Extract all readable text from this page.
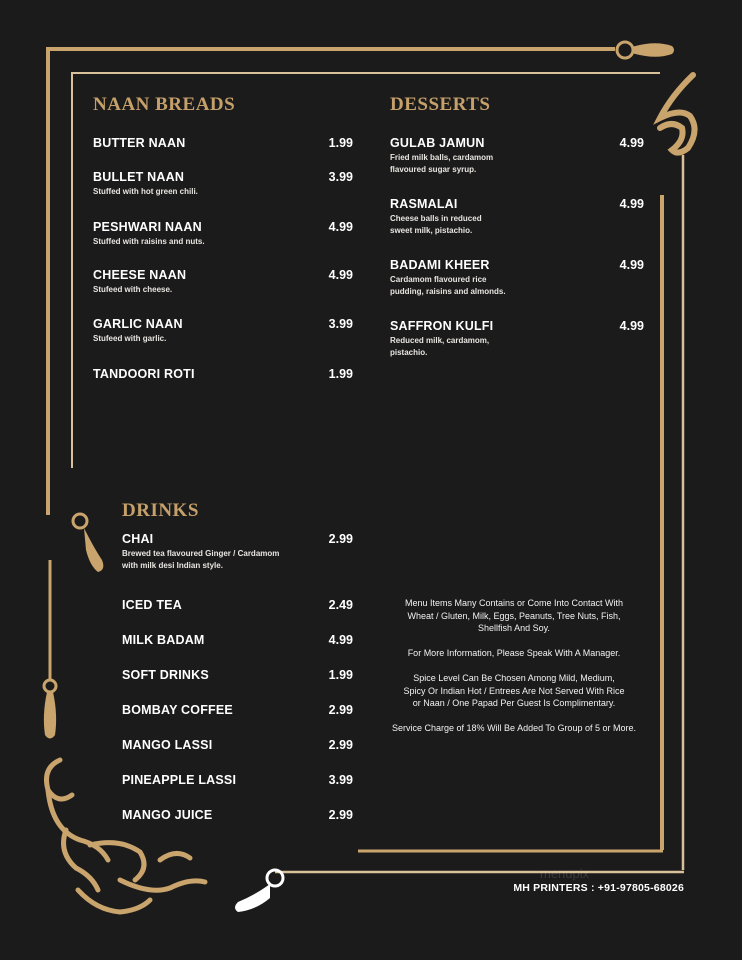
NAAN BREADS
BUTTER NAAN	1.99
BULLET NAAN	3.99
Stuffed with hot green chili.
PESHWARI NAAN	4.99
Stuffed with raisins and nuts.
CHEESE NAAN	4.99
Stufeed with cheese.
GARLIC NAAN	3.99
Stufeed with garlic.
TANDOORI ROTI	1.99
DESSERTS
GULAB JAMUN	4.99
Fried milk balls, cardamom
flavoured sugar syrup.
RASMALAI	4.99
Cheese balls in reduced
sweet milk, pistachio.
BADAMI KHEER	4.99
Cardamom flavoured rice
pudding, raisins and almonds.
SAFFRON KULFI	4.99
Reduced milk, cardamom,
pistachio.
DRINKS
CHAI	2.99
Brewed tea flavoured Ginger / Cardamom
with milk desi Indian style.
ICED TEA	2.49
MILK BADAM	4.99
SOFT DRINKS	1.99
BOMBAY COFFEE	2.99
MANGO LASSI	2.99
PINEAPPLE LASSI	3.99
MANGO JUICE	2.99

Menu Items Many Contains or Come Into Contact With
Wheat / Gluten, Milk, Eggs, Peanuts, Tree Nuts, Fish,
Shellfish And Soy.

For More Information, Please Speak With A Manager.

Spice Level Can Be Chosen Among Mild, Medium,
Spicy Or Indian Hot / Entrees Are Not Served With Rice
or Naan / One Papad Per Guest Is Complimentary.

Service Charge of 18% Will Be Added To Group of 5 or More.

menupix
MH PRINTERS : +91-97805-68026
